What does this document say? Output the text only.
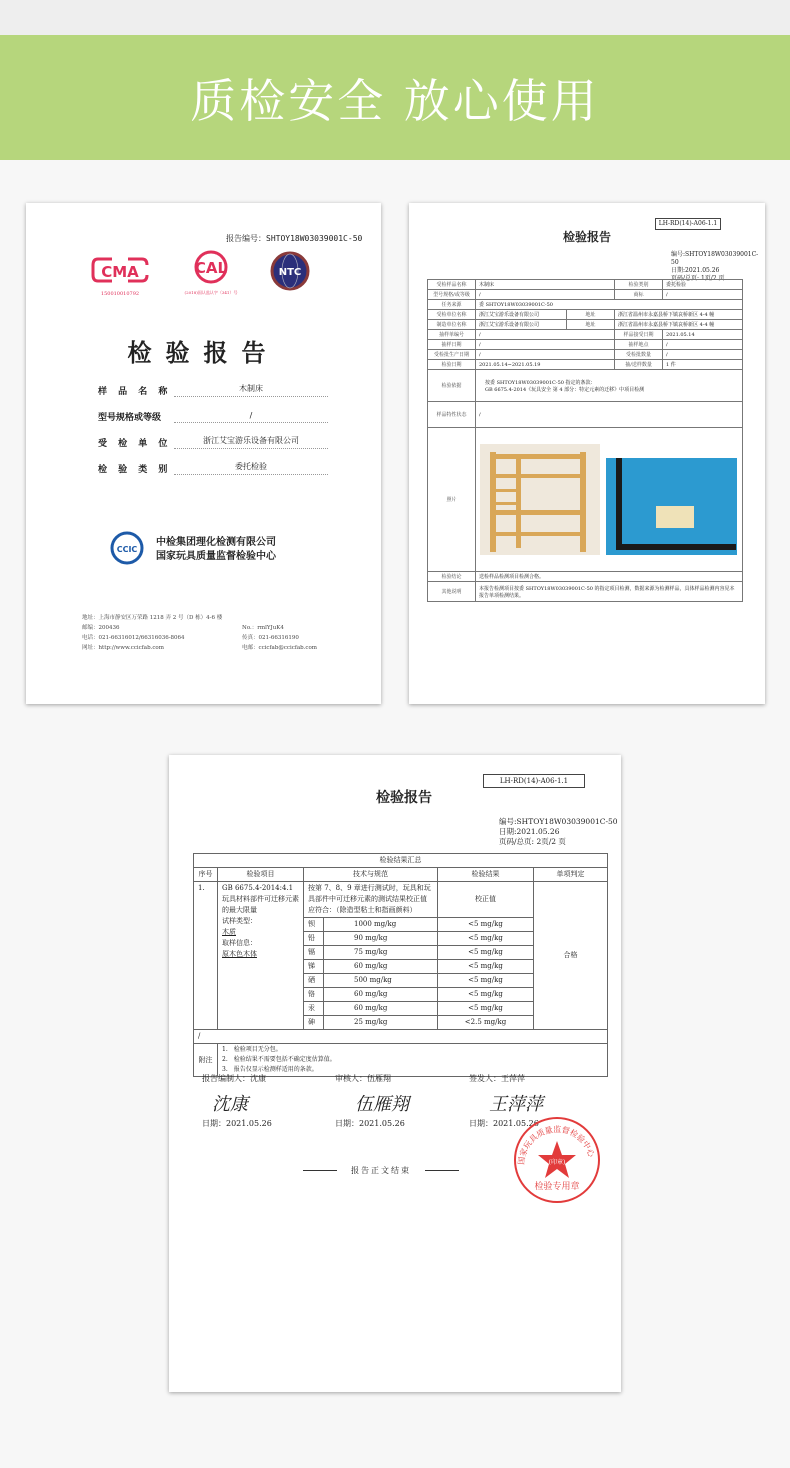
质检安全 放心使用
报告编号：SHTOY18W03039001C-50
CMA
150010010792
CAL
(2018)国认监认字（341）号
NTC
检验报告
样 品 名 称	木制床
型号规格或等级	/
受 检 单 位	浙江艾宝游乐设备有限公司
检 验 类 别	委托检验
CCIC
中检集团理化检测有限公司
国家玩具质量监督检验中心
地址：上海市静安区万荣路 1218 弄 2 号（D 栋）4-6 楼
邮编：200436
电话：021-66316012/66316036-8064
网址：http://www.ccicfab.com
No.：rmlYJuK4
传真：021-66316190
电邮：ccicfab@ccicfab.com
LH-RD(14)-A06-1.1
检验报告
编号:SHTOY18W03039001C-50
日期:2021.05.26
页码/总页: 1页/2 页
受检样品名称	木制床		检验类别	委托检验
型号规格/或等级	/		商标	/
任务来源	委 SHTOY18W03039001C-50			
受检单位名称	浙江艾宝游乐设备有限公司	地址	浙江省温州市永嘉县桥下镇哀桥新区 4-4 幢	
制造单位名称	浙江艾宝游乐设备有限公司	地址	浙江省温州市永嘉县桥下镇哀桥新区 4-4 幢	
抽样单编号	/		样品接受日期	2021.05.14
抽样日期	/		抽样地点	/
受检批生产日期	/		受检批数量	/
检验日期	2021.05.14~2021.05.19		抽/送样数量	1 件
检验依据	按委 SHTOY18W03039001C-50 指定的条款：
GB 6675.4-2014《玩具安全 第 4 部分：特定元素的迁移》中项目检测			

样品特性状态	/			
照片				

检验结论	送检样品检测项目检测合格。			
其他说明	本报告检测项目按委 SHTOY18W03039001C-50 的指定项目检测，数据来源为检测样品，具体样品检测内容见本报告单项检测结果。			
LH-RD(14)-A06-1.1
检验报告
编号:SHTOY18W03039001C-50
日期:2021.05.26
页码/总页: 2页/2 页
检验结果汇总					
序号	检验项目	技术与规范		检验结果	单项判定
1.	GB 6675.4-2014:4.1 玩具材料部件可迁移元素的最大限量
试样类型：
木质
取样信息：
原木色木体	按第 7、8、9 章进行测试时，玩具和玩具部件中可迁移元素的测试结果校正值应符合：（除造型粘土和指画颜料）		校正值	合格
		钡	1000 mg/kg	<5 mg/kg	
		铅	90 mg/kg	<5 mg/kg	
		镉	75 mg/kg	<5 mg/kg	
		锑	60 mg/kg	<5 mg/kg	
		硒	500 mg/kg	<5 mg/kg	
		铬	60 mg/kg	<5 mg/kg	
		汞	60 mg/kg	<5 mg/kg	
		砷	25 mg/kg	<2.5 mg/kg	
/					
附注	1.　检验项目无分包。
2.　检验结果不需要包括不确定度估算值。
3.　报告仅显示检测样适用的条款。				
报告编制人：沈康
沈康
日期：2021.05.26
审核人：伍雁翔
伍雁翔
日期：2021.05.26
签发人：王萍萍
王萍萍
日期：2021.05.26
报告正文结束
国家玩具质量监督检验中心
(印章)
检验专用章
